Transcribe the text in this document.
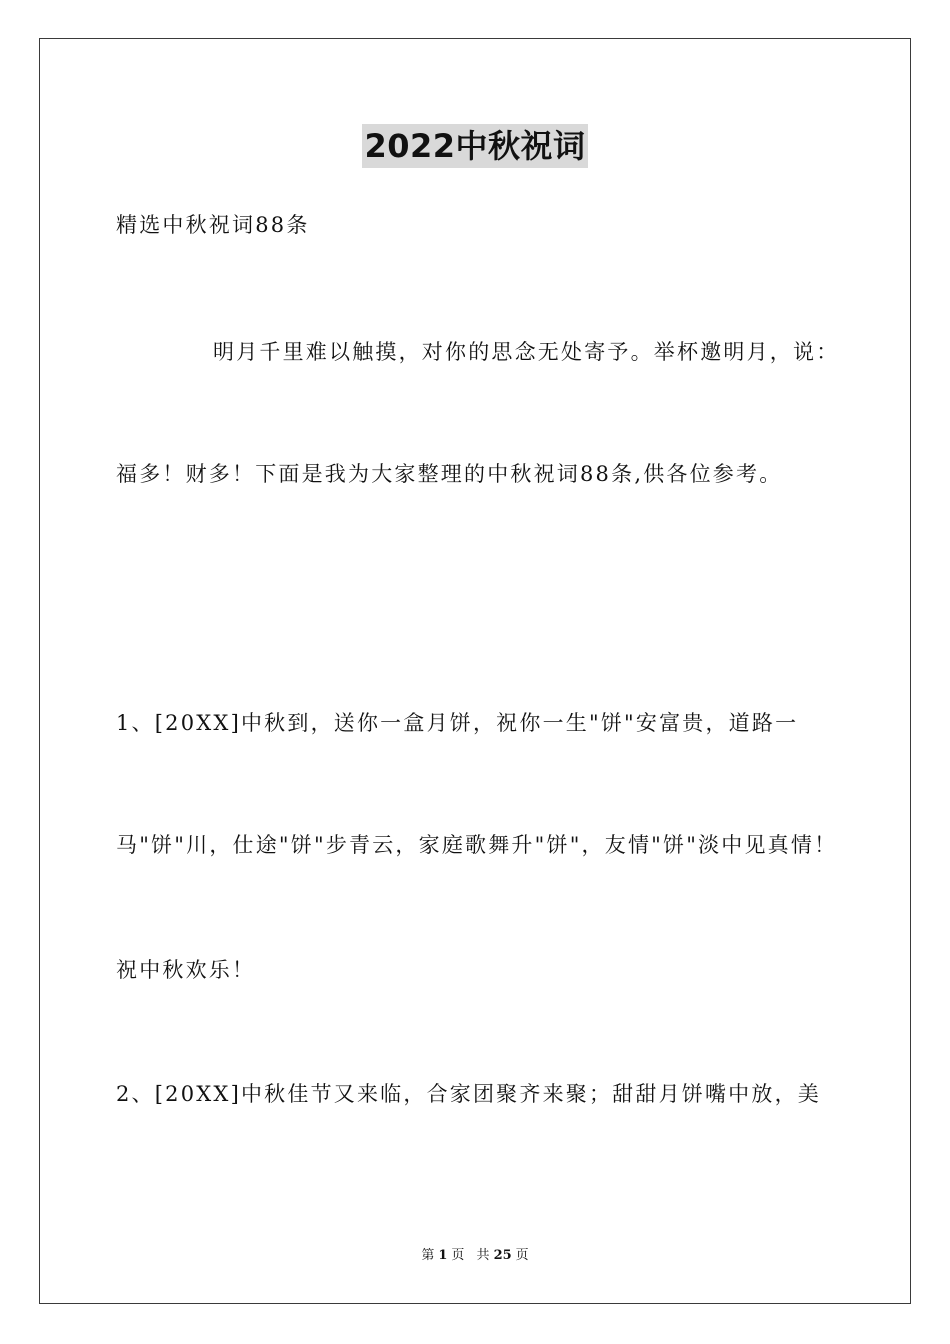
2022中秋祝词
精选中秋祝词88条
明月千里难以触摸，对你的思念无处寄予。举杯邀明月，说：
福多！财多！下面是我为大家整理的中秋祝词88条,供各位参考。
1、[20XX]中秋到，送你一盒月饼，祝你一生"饼"安富贵，道路一
马"饼"川，仕途"饼"步青云，家庭歌舞升"饼"，友情"饼"淡中见真情！
祝中秋欢乐！
2、[20XX]中秋佳节又来临，合家团聚齐来聚；甜甜月饼嘴中放，美
第 1 页 共 25 页
